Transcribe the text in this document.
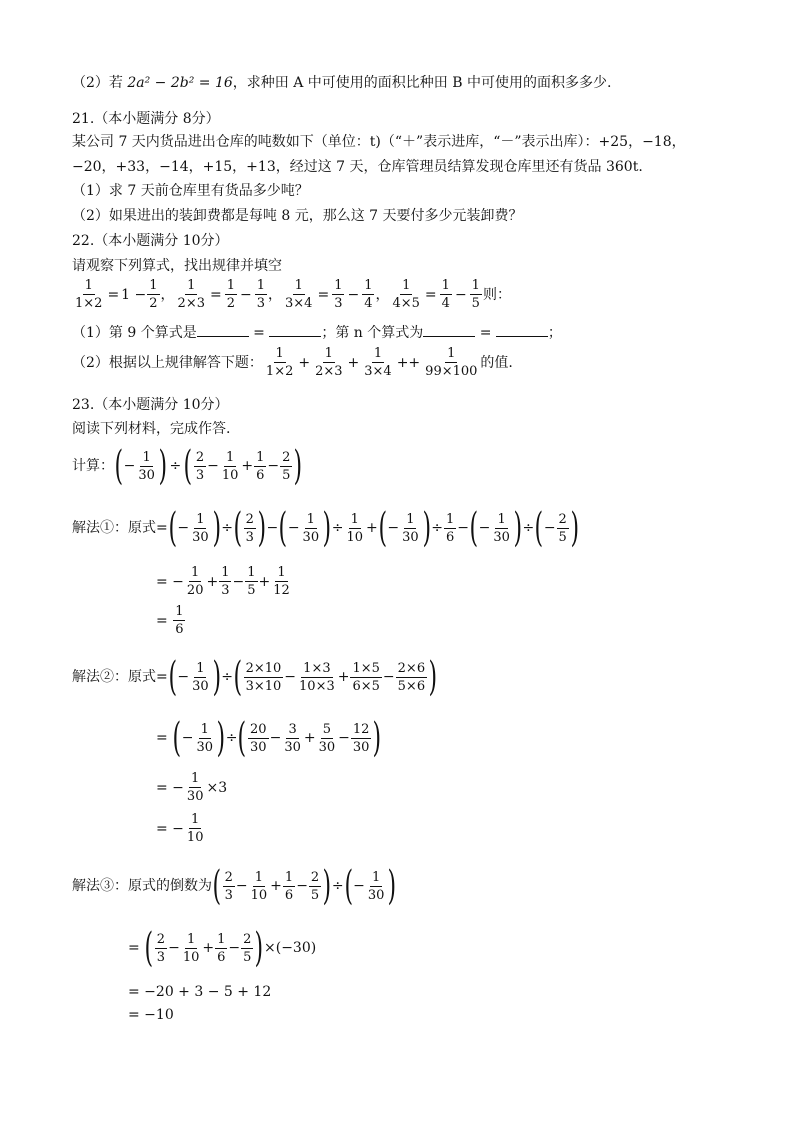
（2）若 2a² − 2b² = 16，求种田 A 中可使用的面积比种田 B 中可使用的面积多多少.
21.（本小题满分 8分）
某公司 7 天内货品进出仓库的吨数如下（单位：t)（“＋”表示进库，“－”表示出库）：+25，−18，
−20，+33，−14，+15，+13，经过这 7 天，仓库管理员结算发现仓库里还有货品 360t.
（1）求 7 天前仓库里有货品多少吨？
（2）如果进出的装卸费都是每吨 8 元，那么这 7 天要付多少元装卸费？
22.（本小题满分 10分）
请观察下列算式，找出规律并填空
$\frac{1}{1\times 2} = 1 - \frac{1}{2}$ ， $\frac{1}{2\times 3} = \frac{1}{2} - \frac{1}{3}$ ， $\frac{1}{3\times 4} = \frac{1}{3} - \frac{1}{4}$ ， $\frac{1}{4\times 5} = \frac{1}{4} - \frac{1}{5}$ 则：
（1）第 9 个算式是	=	；第 n 个算式为	=	；
（2）根据以上规律解答下题： $\frac{1}{1\times 2} + \frac{1}{2\times 3} + \frac{1}{3\times 4} ++ \frac{1}{99\times 100}$ 的值.
23.（本小题满分 10分）
阅读下列材料，完成作答.
计算： ( − $\frac{1}{30}$ ) ÷ ( $\frac{2}{3} - \frac{1}{10} + \frac{1}{6} - \frac{2}{5}$ )
解法①：原式 = ( − $\frac{1}{30}$ ) ÷ ( $\frac{2}{3}$ ) − ( − $\frac{1}{30}$ ) ÷ $\frac{1}{10}$ + ( − $\frac{1}{30}$ ) ÷ $\frac{1}{6}$ − ( − $\frac{1}{30}$ ) ÷ ( − $\frac{2}{5}$ )
= − $\frac{1}{20} + \frac{1}{3} - \frac{1}{5} + \frac{1}{12}$
= $\frac{1}{6}$
解法②：原式 = ( − $\frac{1}{30}$ ) ÷ ( $\frac{2\times 10}{3\times 10} - \frac{1\times 3}{10\times 3} + \frac{1\times 5}{6\times 5} - \frac{2\times 6}{5\times 6}$ )
= ( − $\frac{1}{30}$ ) ÷ ( $\frac{20}{30} - \frac{3}{30} + \frac{5}{30} - \frac{12}{30}$ )
= − $\frac{1}{30} \times 3$
= − $\frac{1}{10}$
解法③：原式的倒数为 ( $\frac{2}{3} - \frac{1}{10} + \frac{1}{6} - \frac{2}{5}$ ) ÷ ( − $\frac{1}{30}$ )
= ( $\frac{2}{3} - \frac{1}{10} + \frac{1}{6} - \frac{2}{5}$ ) ×(−30)
= −20 + 3 − 5 + 12
= −10
